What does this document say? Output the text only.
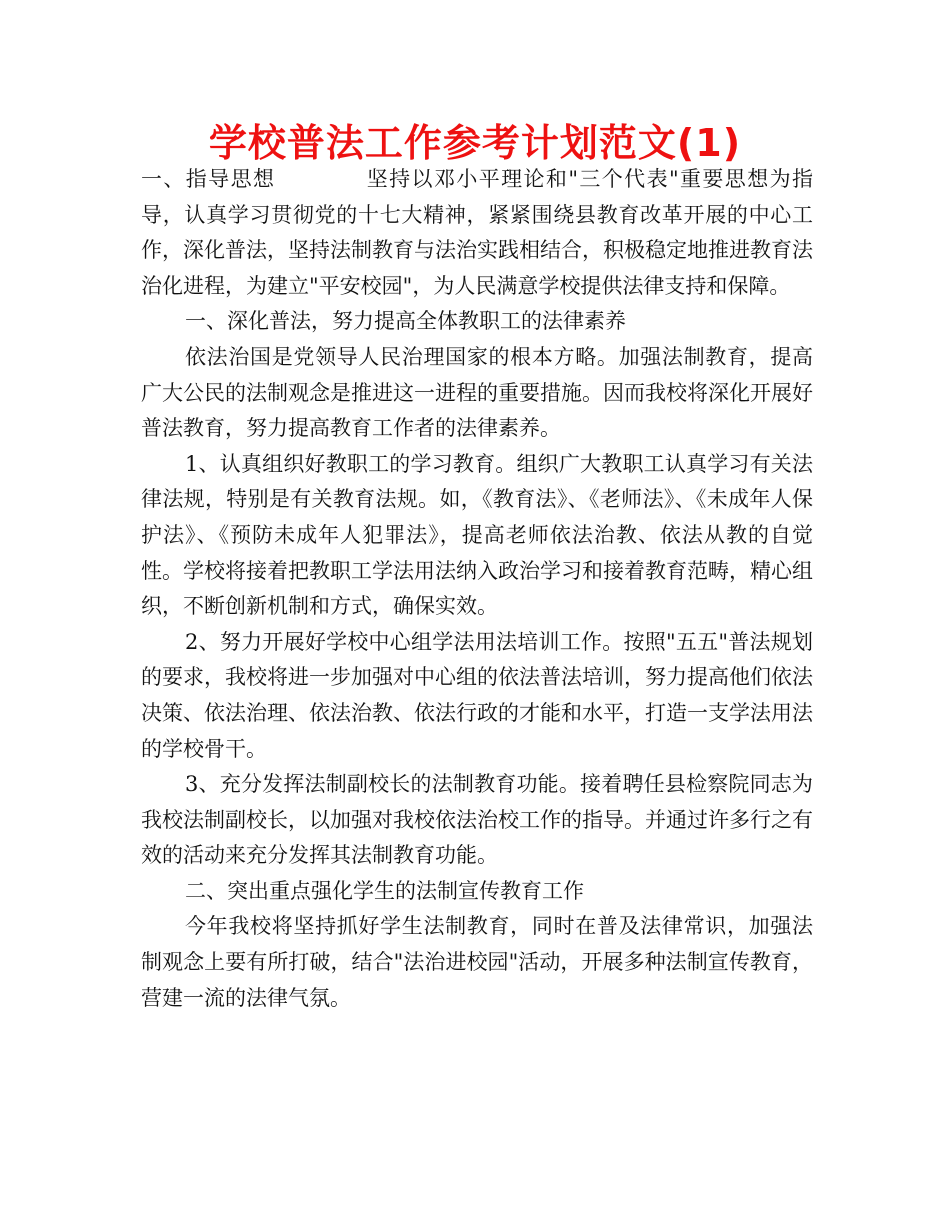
学校普法工作参考计划范文(1)

一、指导思想	坚持以邓小平理论和"三个代表"重要思想为指导，认真学习贯彻党的十七大精神，紧紧围绕县教育改革开展的中心工作，深化普法，坚持法制教育与法治实践相结合，积极稳定地推进教育法治化进程，为建立"平安校园"，为人民满意学校提供法律支持和保障。

一、深化普法，努力提高全体教职工的法律素养

依法治国是党领导人民治理国家的根本方略。加强法制教育，提高广大公民的法制观念是推进这一进程的重要措施。因而我校将深化开展好普法教育，努力提高教育工作者的法律素养。

1、认真组织好教职工的学习教育。组织广大教职工认真学习有关法律法规，特别是有关教育法规。如，《教育法》、《老师法》、《未成年人保护法》、《预防未成年人犯罪法》，提高老师依法治教、依法从教的自觉性。学校将接着把教职工学法用法纳入政治学习和接着教育范畴，精心组织，不断创新机制和方式，确保实效。

2、努力开展好学校中心组学法用法培训工作。按照"五五"普法规划的要求，我校将进一步加强对中心组的依法普法培训，努力提高他们依法决策、依法治理、依法治教、依法行政的才能和水平，打造一支学法用法的学校骨干。

3、充分发挥法制副校长的法制教育功能。接着聘任县检察院同志为我校法制副校长，以加强对我校依法治校工作的指导。并通过许多行之有效的活动来充分发挥其法制教育功能。

二、突出重点强化学生的法制宣传教育工作

今年我校将坚持抓好学生法制教育，同时在普及法律常识，加强法制观念上要有所打破，结合"法治进校园"活动，开展多种法制宣传教育，营建一流的法律气氛。
